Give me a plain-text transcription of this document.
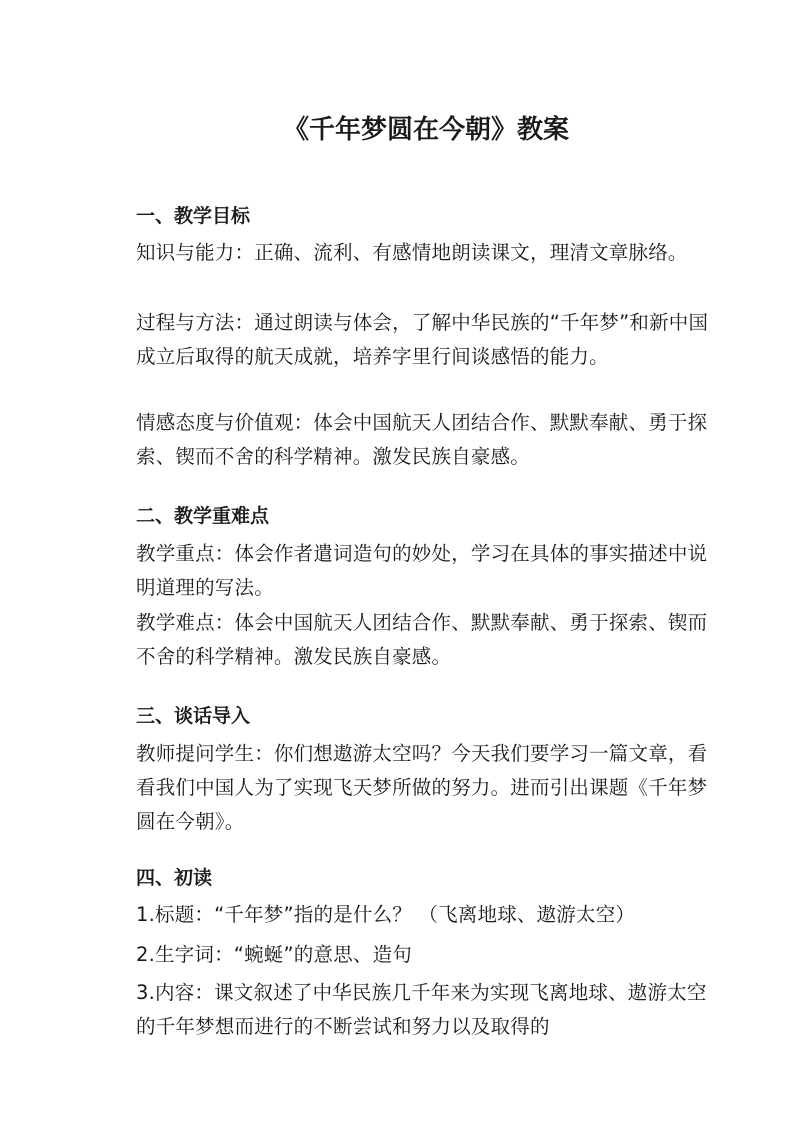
《千年梦圆在今朝》教案
一、教学目标
知识与能力：正确、流利、有感情地朗读课文，理清文章脉络。
过程与方法：通过朗读与体会，了解中华民族的“千年梦”和新中国成立后取得的航天成就，培养字里行间谈感悟的能力。
情感态度与价值观：体会中国航天人团结合作、默默奉献、勇于探索、锲而不舍的科学精神。激发民族自豪感。
二、教学重难点
教学重点：体会作者遣词造句的妙处，学习在具体的事实描述中说明道理的写法。
教学难点：体会中国航天人团结合作、默默奉献、勇于探索、锲而不舍的科学精神。激发民族自豪感。
三、谈话导入
教师提问学生：你们想遨游太空吗？今天我们要学习一篇文章，看看我们中国人为了实现飞天梦所做的努力。进而引出课题《千年梦圆在今朝》。
四、初读
1.标题：“千年梦”指的是什么？ （飞离地球、遨游太空）
2.生字词：“蜿蜒”的意思、造句
3.内容：课文叙述了中华民族几千年来为实现飞离地球、遨游太空的千年梦想而进行的不断尝试和努力以及取得的
